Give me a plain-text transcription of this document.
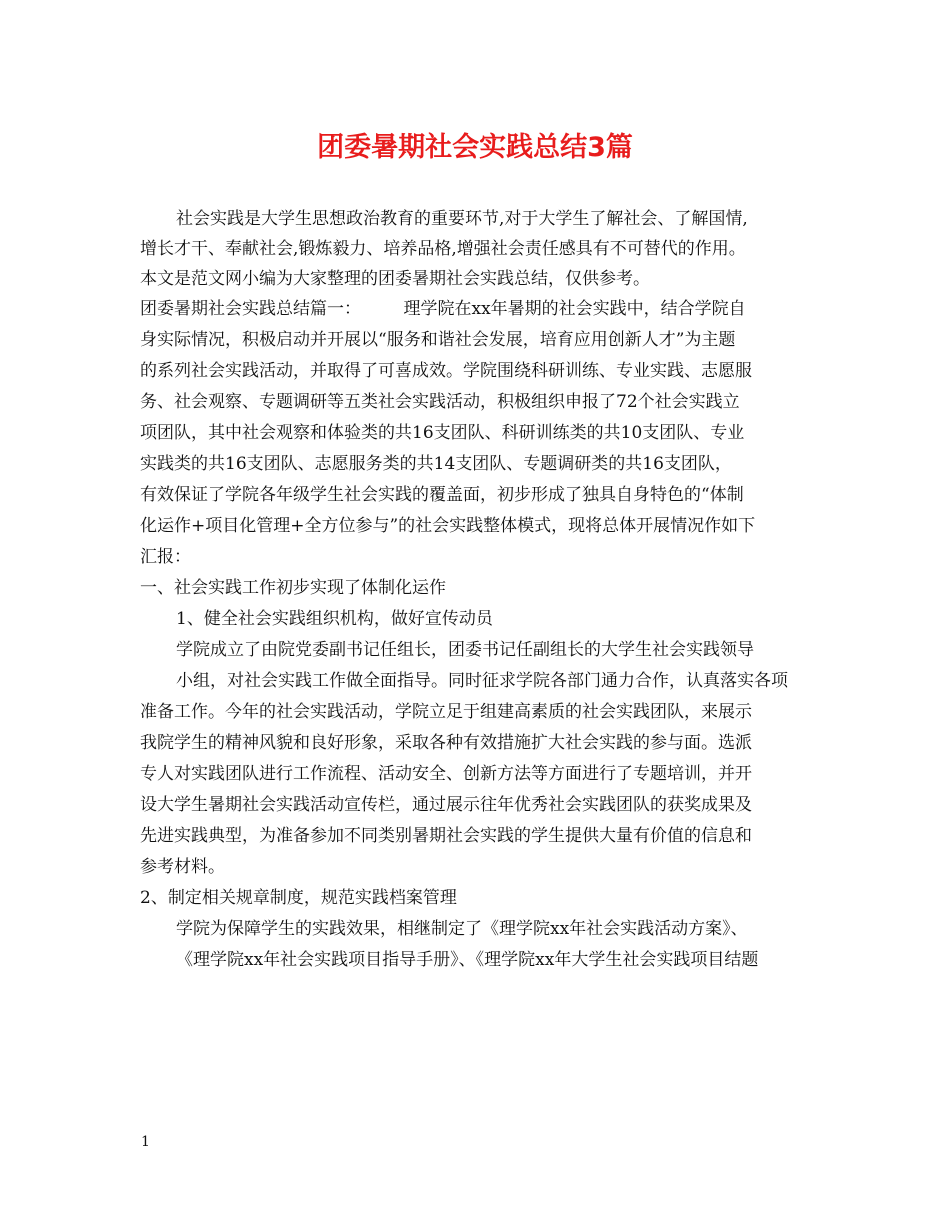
团委暑期社会实践总结3篇

社会实践是大学生思想政治教育的重要环节,对于大学生了解社会、了解国情,

增长才干、奉献社会,锻炼毅力、培养品格,增强社会责任感具有不可替代的作用。

本文是范文网小编为大家整理的团委暑期社会实践总结，仅供参考。

团委暑期社会实践总结篇一：　　　理学院在xx年暑期的社会实践中，结合学院自

身实际情况，积极启动并开展以“服务和谐社会发展，培育应用创新人才”为主题

的系列社会实践活动，并取得了可喜成效。学院围绕科研训练、专业实践、志愿服

务、社会观察、专题调研等五类社会实践活动，积极组织申报了72个社会实践立

项团队，其中社会观察和体验类的共16支团队、科研训练类的共10支团队、专业

实践类的共16支团队、志愿服务类的共14支团队、专题调研类的共16支团队，

有效保证了学院各年级学生社会实践的覆盖面，初步形成了独具自身特色的“体制

化运作+项目化管理+全方位参与”的社会实践整体模式，现将总体开展情况作如下

汇报：

一、社会实践工作初步实现了体制化运作

1、健全社会实践组织机构，做好宣传动员

学院成立了由院党委副书记任组长，团委书记任副组长的大学生社会实践领导

小组，对社会实践工作做全面指导。同时征求学院各部门通力合作，认真落实各项

准备工作。今年的社会实践活动，学院立足于组建高素质的社会实践团队，来展示

我院学生的精神风貌和良好形象，采取各种有效措施扩大社会实践的参与面。选派

专人对实践团队进行工作流程、活动安全、创新方法等方面进行了专题培训，并开

设大学生暑期社会实践活动宣传栏，通过展示往年优秀社会实践团队的获奖成果及

先进实践典型，为准备参加不同类别暑期社会实践的学生提供大量有价值的信息和

参考材料。

2、制定相关规章制度，规范实践档案管理

学院为保障学生的实践效果，相继制定了《理学院xx年社会实践活动方案》、

《理学院xx年社会实践项目指导手册》、《理学院xx年大学生社会实践项目结题

1
